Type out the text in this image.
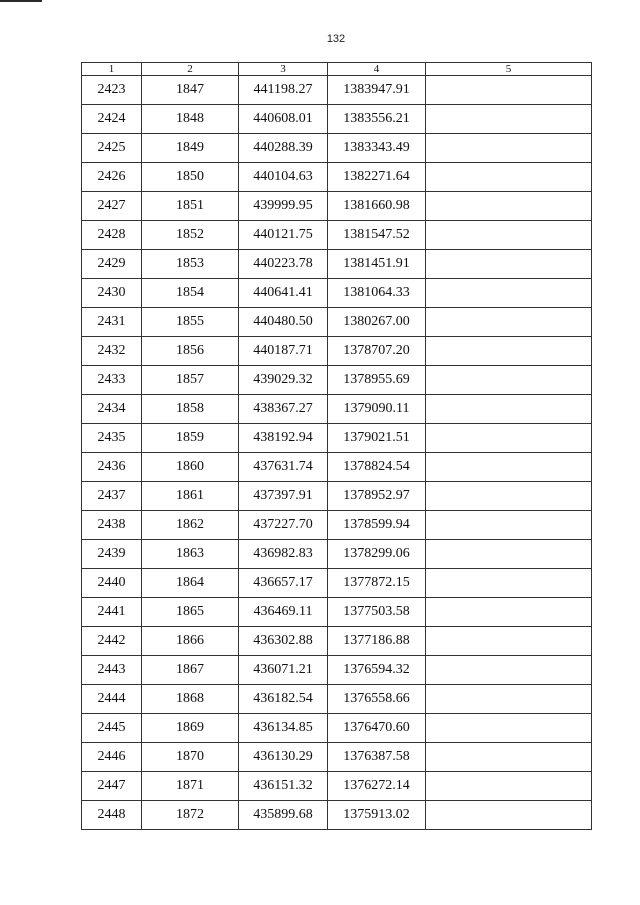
132
1	2	3	4	5
2423	1847	441198.27	1383947.91	
2424	1848	440608.01	1383556.21	
2425	1849	440288.39	1383343.49	
2426	1850	440104.63	1382271.64	
2427	1851	439999.95	1381660.98	
2428	1852	440121.75	1381547.52	
2429	1853	440223.78	1381451.91	
2430	1854	440641.41	1381064.33	
2431	1855	440480.50	1380267.00	
2432	1856	440187.71	1378707.20	
2433	1857	439029.32	1378955.69	
2434	1858	438367.27	1379090.11	
2435	1859	438192.94	1379021.51	
2436	1860	437631.74	1378824.54	
2437	1861	437397.91	1378952.97	
2438	1862	437227.70	1378599.94	
2439	1863	436982.83	1378299.06	
2440	1864	436657.17	1377872.15	
2441	1865	436469.11	1377503.58	
2442	1866	436302.88	1377186.88	
2443	1867	436071.21	1376594.32	
2444	1868	436182.54	1376558.66	
2445	1869	436134.85	1376470.60	
2446	1870	436130.29	1376387.58	
2447	1871	436151.32	1376272.14	
2448	1872	435899.68	1375913.02	
